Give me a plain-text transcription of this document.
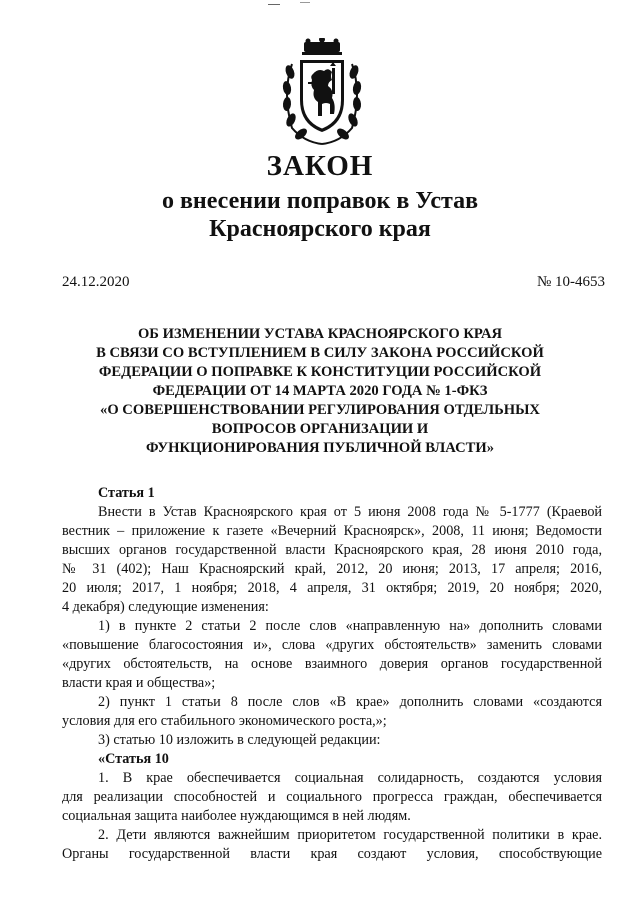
ЗАКОН
о внесении поправок в Устав
Красноярского края
24.12.2020	№ 10-4653
ОБ ИЗМЕНЕНИИ УСТАВА КРАСНОЯРСКОГО КРАЯ
В СВЯЗИ СО ВСТУПЛЕНИЕМ В СИЛУ ЗАКОНА РОССИЙСКОЙ
ФЕДЕРАЦИИ О ПОПРАВКЕ К КОНСТИТУЦИИ РОССИЙСКОЙ
ФЕДЕРАЦИИ ОТ 14 МАРТА 2020 ГОДА № 1-ФКЗ
«О СОВЕРШЕНСТВОВАНИИ РЕГУЛИРОВАНИЯ ОТДЕЛЬНЫХ
ВОПРОСОВ ОРГАНИЗАЦИИ И
ФУНКЦИОНИРОВАНИЯ ПУБЛИЧНОЙ ВЛАСТИ»
Статья 1
Внести в Устав Красноярского края от 5 июня 2008 года № 5-1777 (Краевой
вестник – приложение к газете «Вечерний Красноярск», 2008, 11 июня; Ведомости
высших органов государственной власти Красноярского края, 28 июня 2010 года,
№ 31 (402); Наш Красноярский край, 2012, 20 июня; 2013, 17 апреля; 2016,
20 июля; 2017, 1 ноября; 2018, 4 апреля, 31 октября; 2019, 20 ноября; 2020,
4 декабря) следующие изменения:
1) в пункте 2 статьи 2 после слов «направленную на» дополнить словами
«повышение благосостояния и», слова «других обстоятельств» заменить словами
«других обстоятельств, на основе взаимного доверия органов государственной
власти края и общества»;
2) пункт 1 статьи 8 после слов «В крае» дополнить словами «создаются
условия для его стабильного экономического роста,»;
3) статью 10 изложить в следующей редакции:
«Статья 10
1. В крае обеспечивается социальная солидарность, создаются условия
для реализации способностей и социального прогресса граждан, обеспечивается
социальная защита наиболее нуждающимся в ней людям.
2. Дети являются важнейшим приоритетом государственной политики в крае.
Органы государственной власти края создают условия, способствующие
